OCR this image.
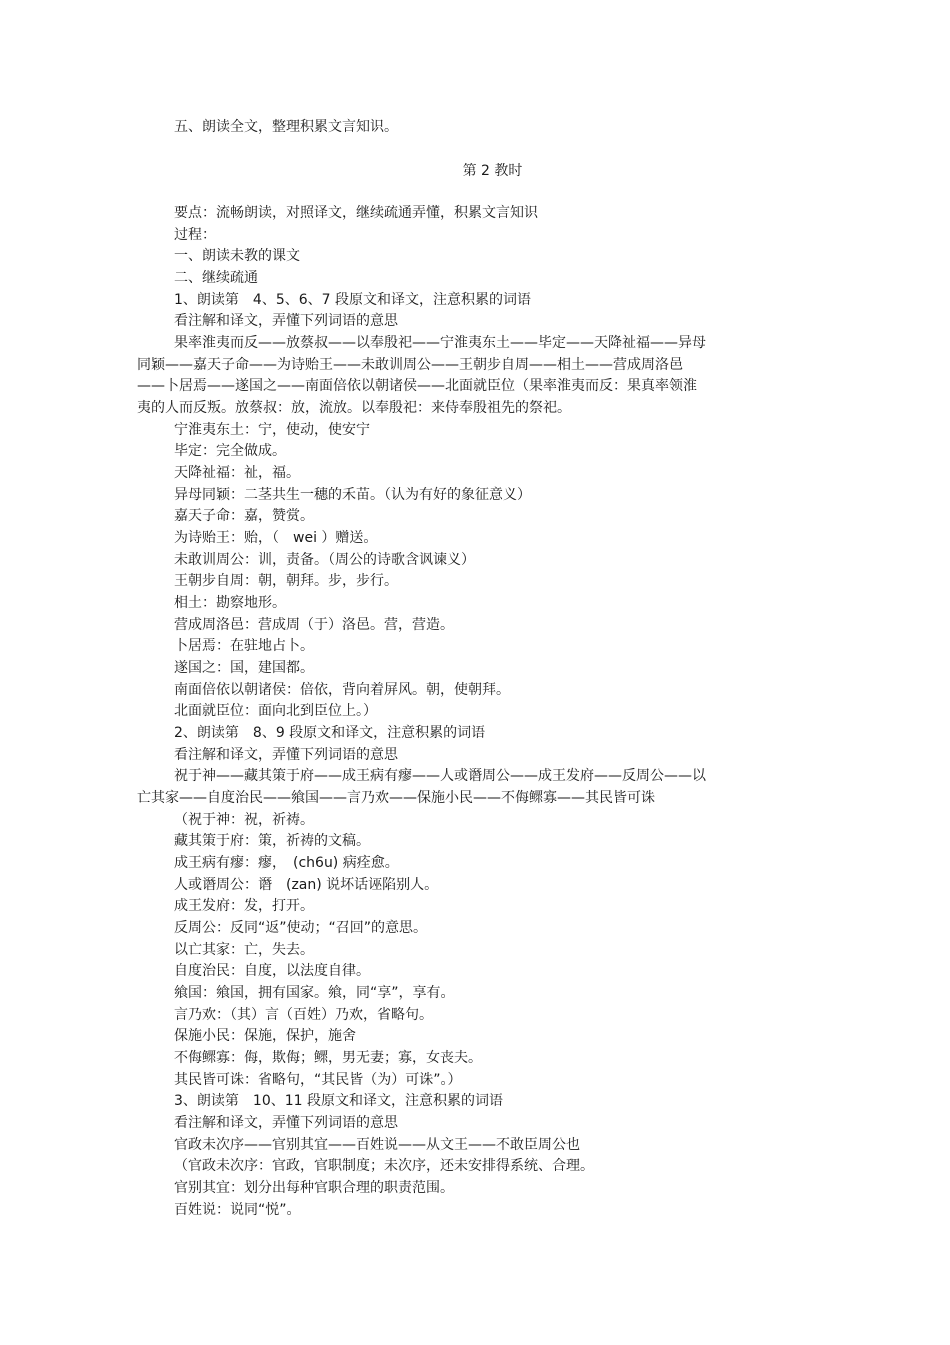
五、朗读全文，整理积累文言知识。
第 2 教时
要点：流畅朗读，对照译文，继续疏通弄懂，积累文言知识
过程：
一、朗读未教的课文
二、继续疏通
1、朗读第　4、5、6、7 段原文和译文，注意积累的词语
看注解和译文，弄懂下列词语的意思
果率淮夷而反——放蔡叔——以奉殷祀——宁淮夷东土——毕定——天降祉福——异母
同颖——嘉天子命——为诗贻王——未敢训周公——王朝步自周——相土——营成周洛邑
——卜居焉——遂国之——南面倍依以朝诸侯——北面就臣位（果率淮夷而反：果真率领淮
夷的人而反叛。放蔡叔：放，流放。以奉殷祀：来侍奉殷祖先的祭祀。
宁淮夷东土：宁，使动，使安宁
毕定：完全做成。
天降祉福：祉，福。
异母同颖：二茎共生一穗的禾苗。（认为有好的象征意义）
嘉天子命：嘉，赞赏。
为诗贻王：贻，（　wei ）赠送。
未敢训周公：训，责备。（周公的诗歌含讽谏义）
王朝步自周：朝，朝拜。步，步行。
相土：勘察地形。
营成周洛邑：营成周（于）洛邑。营，营造。
卜居焉：在驻地占卜。
遂国之：国，建国都。
南面倍依以朝诸侯：倍依，背向着屏风。朝，使朝拜。
北面就臣位：面向北到臣位上。）
2、朗读第　8、9 段原文和译文，注意积累的词语
看注解和译文，弄懂下列词语的意思
祝于神——藏其策于府——成王病有瘳——人或谮周公——成王发府——反周公——以
亡其家——自度治民——飨国——言乃欢——保施小民——不侮鳏寡——其民皆可诛
（祝于神：祝，祈祷。
藏其策于府：策，祈祷的文稿。
成王病有瘳：瘳，　(ch6u) 病痊愈。
人或谮周公：谮　(zan) 说坏话诬陷别人。
成王发府：发，打开。
反周公：反同“返”使动；“召回”的意思。
以亡其家：亡，失去。
自度治民：自度，以法度自律。
飨国：飨国，拥有国家。飨，同“享”，享有。
言乃欢：（其）言（百姓）乃欢，省略句。
保施小民：保施，保护，施舍
不侮鳏寡：侮，欺侮；鳏，男无妻；寡，女丧夫。
其民皆可诛：省略句，“其民皆（为）可诛”。）
3、朗读第　10、11 段原文和译文，注意积累的词语
看注解和译文，弄懂下列词语的意思
官政未次序——官别其宜——百姓说——从文王——不敢臣周公也
（官政未次序：官政，官职制度；未次序，还未安排得系统、合理。
官别其宜：划分出每种官职合理的职责范围。
百姓说：说同“悦”。
